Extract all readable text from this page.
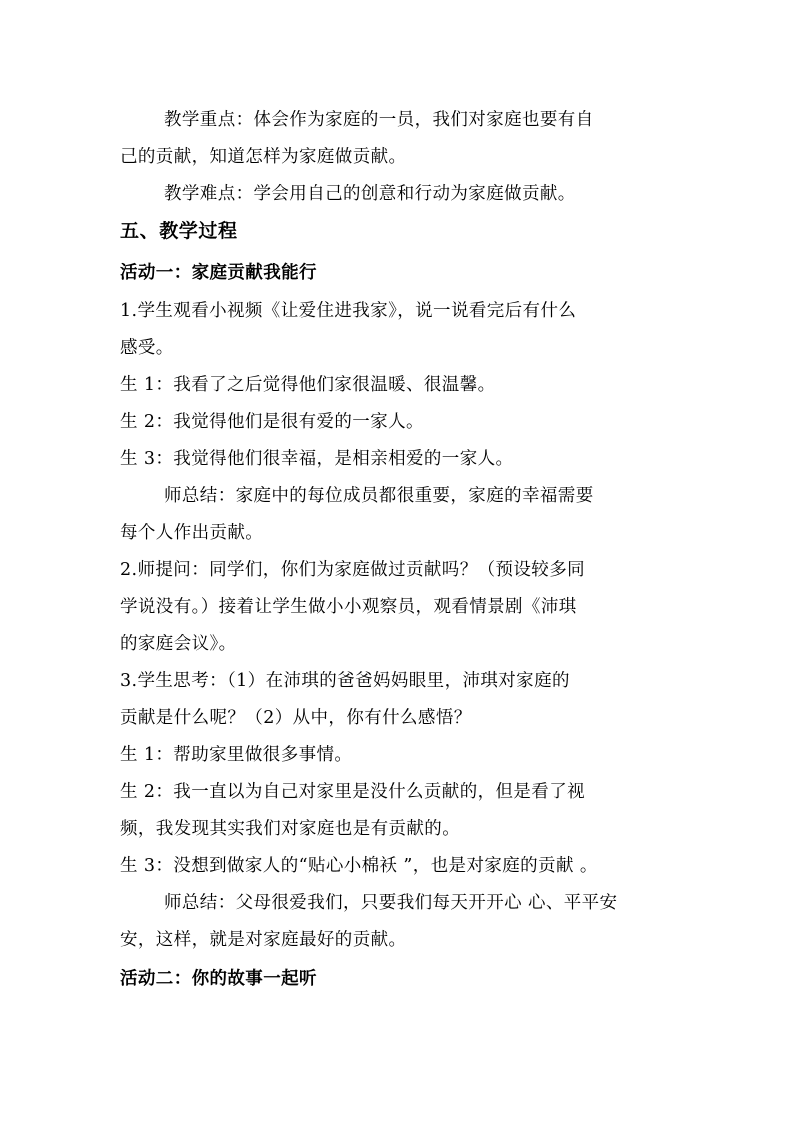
教学重点：体会作为家庭的一员，我们对家庭也要有自
己的贡献，知道怎样为家庭做贡献。
教学难点：学会用自己的创意和行动为家庭做贡献。
五、教学过程
活动一：家庭贡献我能行
1.学生观看小视频《让爱住进我家》，说一说看完后有什么
感受。
生 1：我看了之后觉得他们家很温暖、很温馨。
生 2：我觉得他们是很有爱的一家人。
生 3：我觉得他们很幸福，是相亲相爱的一家人。
师总结：家庭中的每位成员都很重要，家庭的幸福需要
每个人作出贡献。
2.师提问：同学们，你们为家庭做过贡献吗？（预设较多同
学说没有。）接着让学生做小小观察员，观看情景剧《沛琪
的家庭会议》。
3.学生思考：（1）在沛琪的爸爸妈妈眼里，沛琪对家庭的
贡献是什么呢？（2）从中，你有什么感悟？
生 1：帮助家里做很多事情。
生 2：我一直以为自己对家里是没什么贡献的，但是看了视
频，我发现其实我们对家庭也是有贡献的。
生 3：没想到做家人的“贴心小棉袄 ”，也是对家庭的贡献 。
师总结：父母很爱我们，只要我们每天开开心 心、平平安
安，这样，就是对家庭最好的贡献。
活动二：你的故事一起听
